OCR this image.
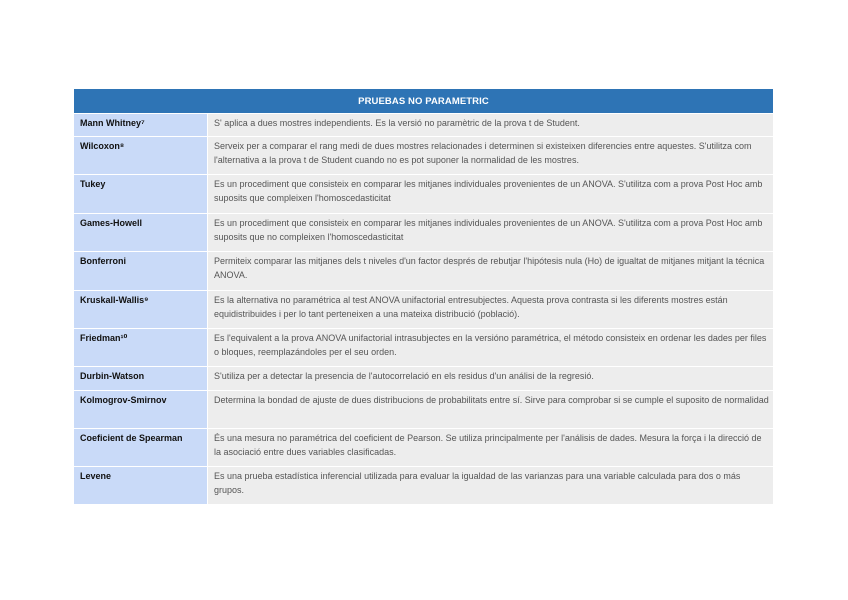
PRUEBAS NO PARAMETRIC	
Mann Whitney⁷	S' aplica a dues mostres independients. Es la versió no paramètric de la prova t de Student.
Wilcoxon⁸	Serveix per a comparar el rang medi de dues mostres relacionades i determinen si existeixen diferencies entre aquestes. S'utilitza com l'alternativa a la prova t de Student cuando no es pot suponer la normalidad de les mostres.
Tukey	Es un procediment que consisteix en comparar les mitjanes individuales provenientes de un ANOVA. S'utilitza com a prova Post Hoc amb suposits que compleixen l'homoscedasticitat
Games-Howell	Es un procediment que consisteix en comparar les mitjanes individuales provenientes de un ANOVA. S'utilitza com a prova Post Hoc amb suposits que no compleixen l'homoscedasticitat
Bonferroni	Permiteix comparar las mitjanes dels t niveles d'un factor després de rebutjar l'hipótesis nula (Ho) de igualtat de mitjanes mitjant la técnica ANOVA.
Kruskall-Wallis⁹	Es la alternativa no paramétrica al test ANOVA unifactorial entresubjectes. Aquesta prova contrasta si les diferents mostres están equidistribuides i per lo tant perteneixen a una mateixa distribució (població).
Friedman¹⁰	Es l'equivalent a la prova ANOVA unifactorial intrasubjectes en la versióno paramétrica, el método consisteix en ordenar les dades per files o bloques, reemplazándoles per el seu orden.
Durbin-Watson	S'utiliza per a detectar la presencia de l'autocorrelació en els residus d'un análisi de la regresió.
Kolmogrov-Smirnov	Determina la bondad de ajuste de dues distribucions de probabilitats entre sí. Sirve para comprobar si se cumple el suposito de normalidad
Coeficient de Spearman	És una mesura no paramétrica del coeficient de Pearson. Se utiliza principalmente per l'análisis de dades. Mesura la força i la direcció de la asociació entre dues variables clasificadas.
Levene	Es una prueba estadística inferencial utilizada para evaluar la igualdad de las varianzas para una variable calculada para dos o más grupos.
